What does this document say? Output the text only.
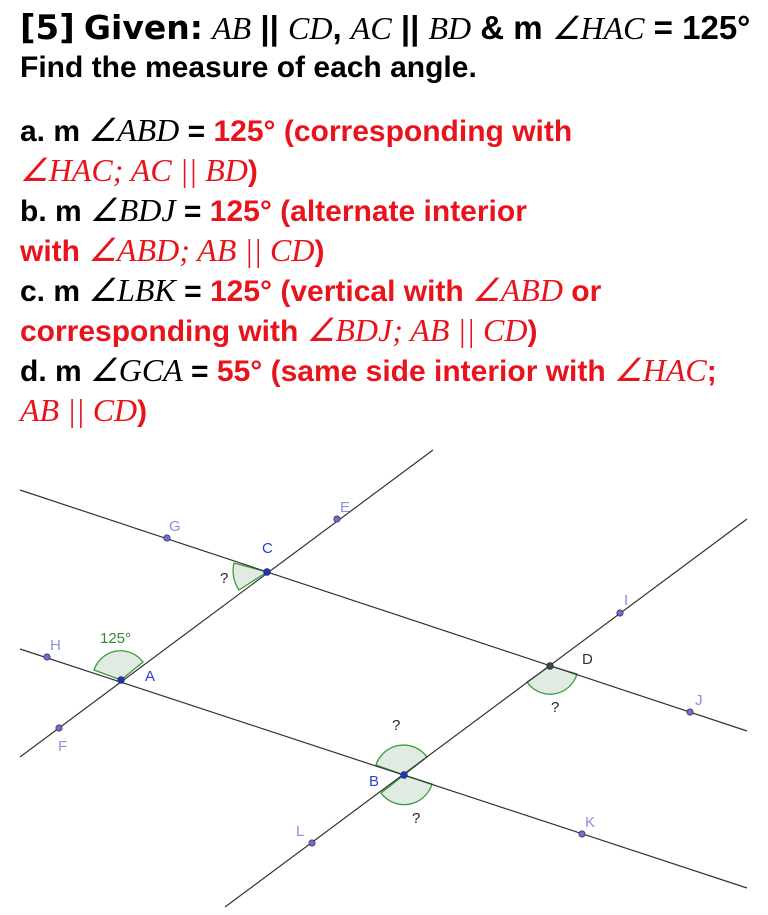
[5] Given: AB || CD, AC || BD & m ∠HAC = 125°
Find the measure of each angle.
a. m ∠ABD = 125° (corresponding with
∠HAC; AC || BD)
b. m ∠BDJ = 125° (alternate interior
with ∠ABD; AB || CD)
c. m ∠LBK = 125° (vertical with ∠ABD or
corresponding with ∠BDJ; AB || CD)
d. m ∠GCA = 55° (same side interior with ∠HAC;
AB || CD)
G
C
E
H
A
F
D
I
J
B
K
L
125°
?
?
?
?
